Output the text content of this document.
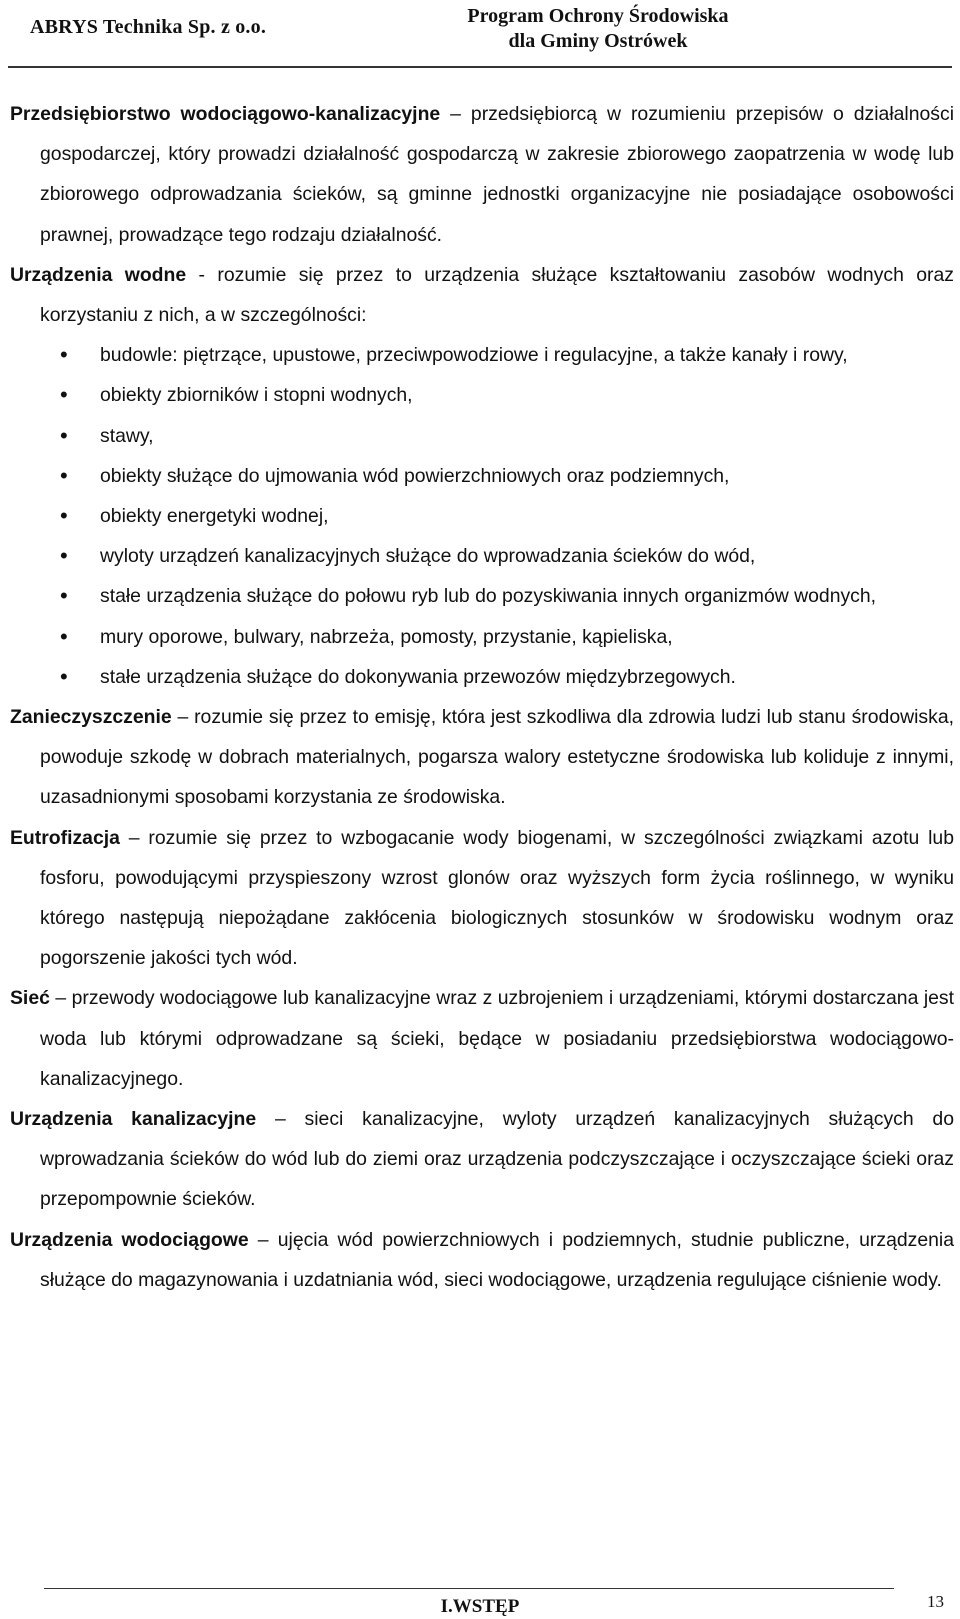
ABRYS Technika Sp. z o.o.	Program Ochrony Środowiska
dla Gminy Ostrówek

Przedsiębiorstwo wodociągowo-kanalizacyjne – przedsiębiorcą w rozumieniu przepisów o działalności gospodarczej, który prowadzi działalność gospodarczą w zakresie zbiorowego zaopatrzenia w wodę lub zbiorowego odprowadzania ścieków, są gminne jednostki organizacyjne nie posiadające osobowości prawnej, prowadzące tego rodzaju działalność.

Urządzenia wodne - rozumie się przez to urządzenia służące kształtowaniu zasobów wodnych oraz korzystaniu z nich, a w szczególności:

• budowle: piętrzące, upustowe, przeciwpowodziowe i regulacyjne, a także kanały i rowy,
• obiekty zbiorników i stopni wodnych,
• stawy,
• obiekty służące do ujmowania wód powierzchniowych oraz podziemnych,
• obiekty energetyki wodnej,
• wyloty urządzeń kanalizacyjnych służące do wprowadzania ścieków do wód,
• stałe urządzenia służące do połowu ryb lub do pozyskiwania innych organizmów wodnych,
• mury oporowe, bulwary, nabrzeża, pomosty, przystanie, kąpieliska,
• stałe urządzenia służące do dokonywania przewozów międzybrzegowych.

Zanieczyszczenie – rozumie się przez to emisję, która jest szkodliwa dla zdrowia ludzi lub stanu środowiska, powoduje szkodę w dobrach materialnych, pogarsza walory estetyczne środowiska lub koliduje z innymi, uzasadnionymi sposobami korzystania ze środowiska.

Eutrofizacja – rozumie się przez to wzbogacanie wody biogenami, w szczególności związkami azotu lub fosforu, powodującymi przyspieszony wzrost glonów oraz wyższych form życia roślinnego, w wyniku którego następują niepożądane zakłócenia biologicznych stosunków w środowisku wodnym oraz pogorszenie jakości tych wód.

Sieć – przewody wodociągowe lub kanalizacyjne wraz z uzbrojeniem i urządzeniami, którymi dostarczana jest woda lub którymi odprowadzane są ścieki, będące w posiadaniu przedsiębiorstwa wodociągowo-kanalizacyjnego.

Urządzenia kanalizacyjne – sieci kanalizacyjne, wyloty urządzeń kanalizacyjnych służących do wprowadzania ścieków do wód lub do ziemi oraz urządzenia podczyszczające i oczyszczające ścieki oraz przepompownie ścieków.

Urządzenia wodociągowe – ujęcia wód powierzchniowych i podziemnych, studnie publiczne, urządzenia służące do magazynowania i uzdatniania wód, sieci wodociągowe, urządzenia regulujące ciśnienie wody.

I.WSTĘP	13
